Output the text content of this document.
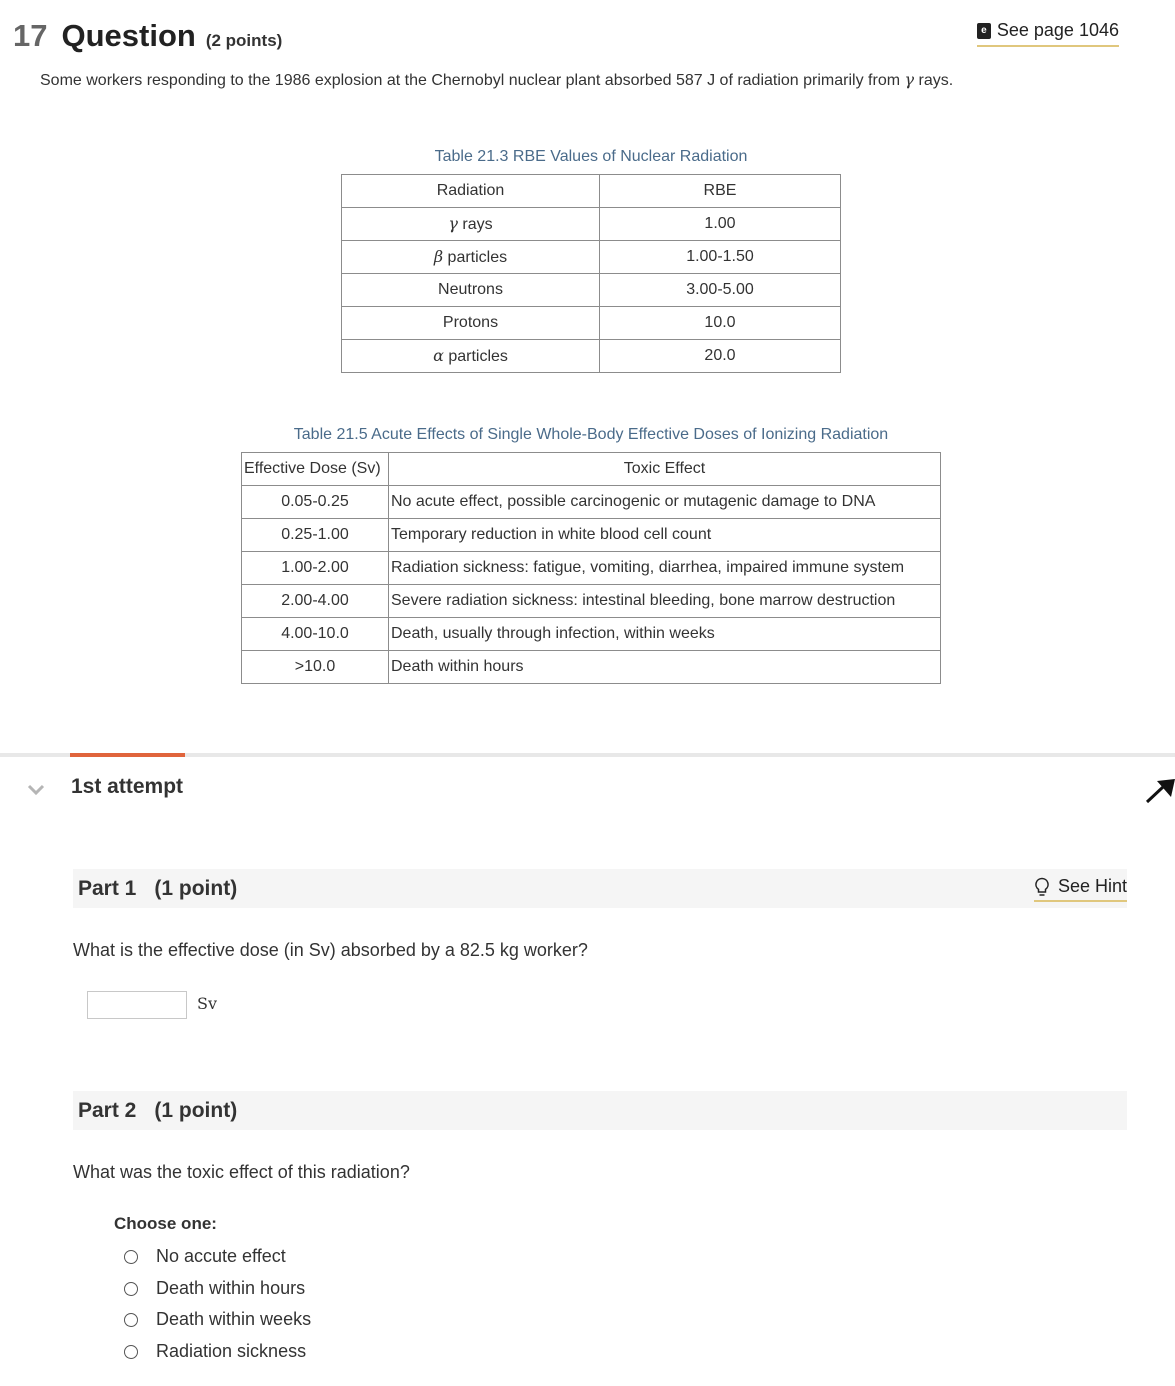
17 Question (2 points)
e See page 1046
Some workers responding to the 1986 explosion at the Chernobyl nuclear plant absorbed 587 J of radiation primarily from γ rays.
Table 21.3 RBE Values of Nuclear Radiation
Radiation	RBE
γ rays	1.00
β particles	1.00-1.50
Neutrons	3.00-5.00
Protons	10.0
α particles	20.0
Table 21.5 Acute Effects of Single Whole-Body Effective Doses of Ionizing Radiation
Effective Dose (Sv)	Toxic Effect
0.05-0.25	No acute effect, possible carcinogenic or mutagenic damage to DNA
0.25-1.00	Temporary reduction in white blood cell count
1.00-2.00	Radiation sickness: fatigue, vomiting, diarrhea, impaired immune system
2.00-4.00	Severe radiation sickness: intestinal bleeding, bone marrow destruction
4.00-10.0	Death, usually through infection, within weeks
>10.0	Death within hours
1st attempt
Part 1 (1 point)	See Hint
What is the effective dose (in Sv) absorbed by a 82.5 kg worker?
Sv
Part 2 (1 point)
What was the toxic effect of this radiation?
Choose one:
No accute effect
Death within hours
Death within weeks
Radiation sickness
